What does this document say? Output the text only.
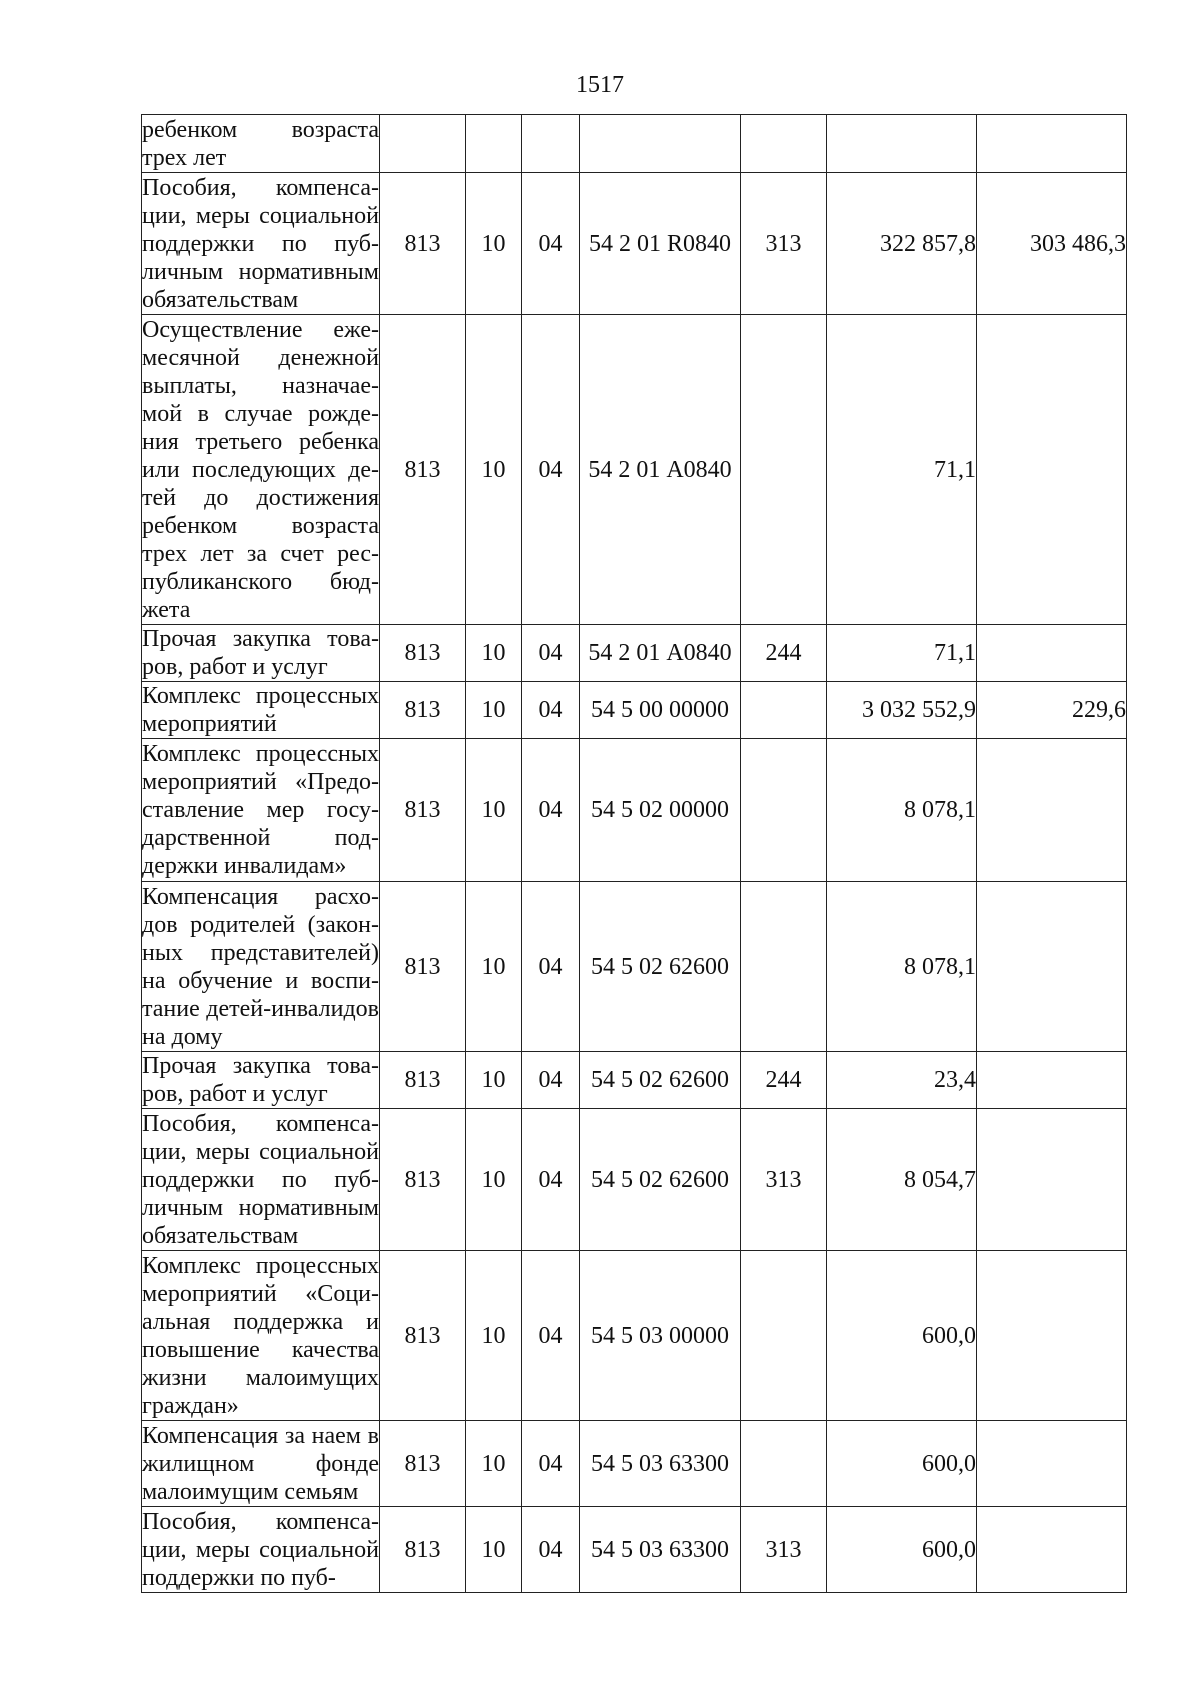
1517
ребенком возраста трех лет							
Пособия, компенса-ции, меры социальной поддержки по пуб-личным нормативным обязательствам	813	10	04	54 2 01 R0840	313	322 857,8	303 486,3
Осуществление еже-месячной денежной выплаты, назначае-мой в случае рожде-ния третьего ребенка или последующих де-тей до достижения ребенком возраста трех лет за счет рес-публиканского бюд-жета	813	10	04	54 2 01 А0840		71,1	
Прочая закупка това-ров, работ и услуг	813	10	04	54 2 01 А0840	244	71,1	
Комплекс процессных мероприятий	813	10	04	54 5 00 00000		3 032 552,9	229,6
Комплекс процессных мероприятий «Предо-ставление мер госу-дарственной под-держки инвалидам»	813	10	04	54 5 02 00000		8 078,1	
Компенсация расхо-дов родителей (закон-ных представителей) на обучение и воспи-тание детей-инвалидов на дому	813	10	04	54 5 02 62600		8 078,1	
Прочая закупка това-ров, работ и услуг	813	10	04	54 5 02 62600	244	23,4	
Пособия, компенса-ции, меры социальной поддержки по пуб-личным нормативным обязательствам	813	10	04	54 5 02 62600	313	8 054,7	
Комплекс процессных мероприятий «Соци-альная поддержка и повышение качества жизни малоимущих граждан»	813	10	04	54 5 03 00000		600,0	
Компенсация за наем в жилищном фонде малоимущим семьям	813	10	04	54 5 03 63300		600,0	
Пособия, компенса-ции, меры социальной поддержки по пуб-	813	10	04	54 5 03 63300	313	600,0	
